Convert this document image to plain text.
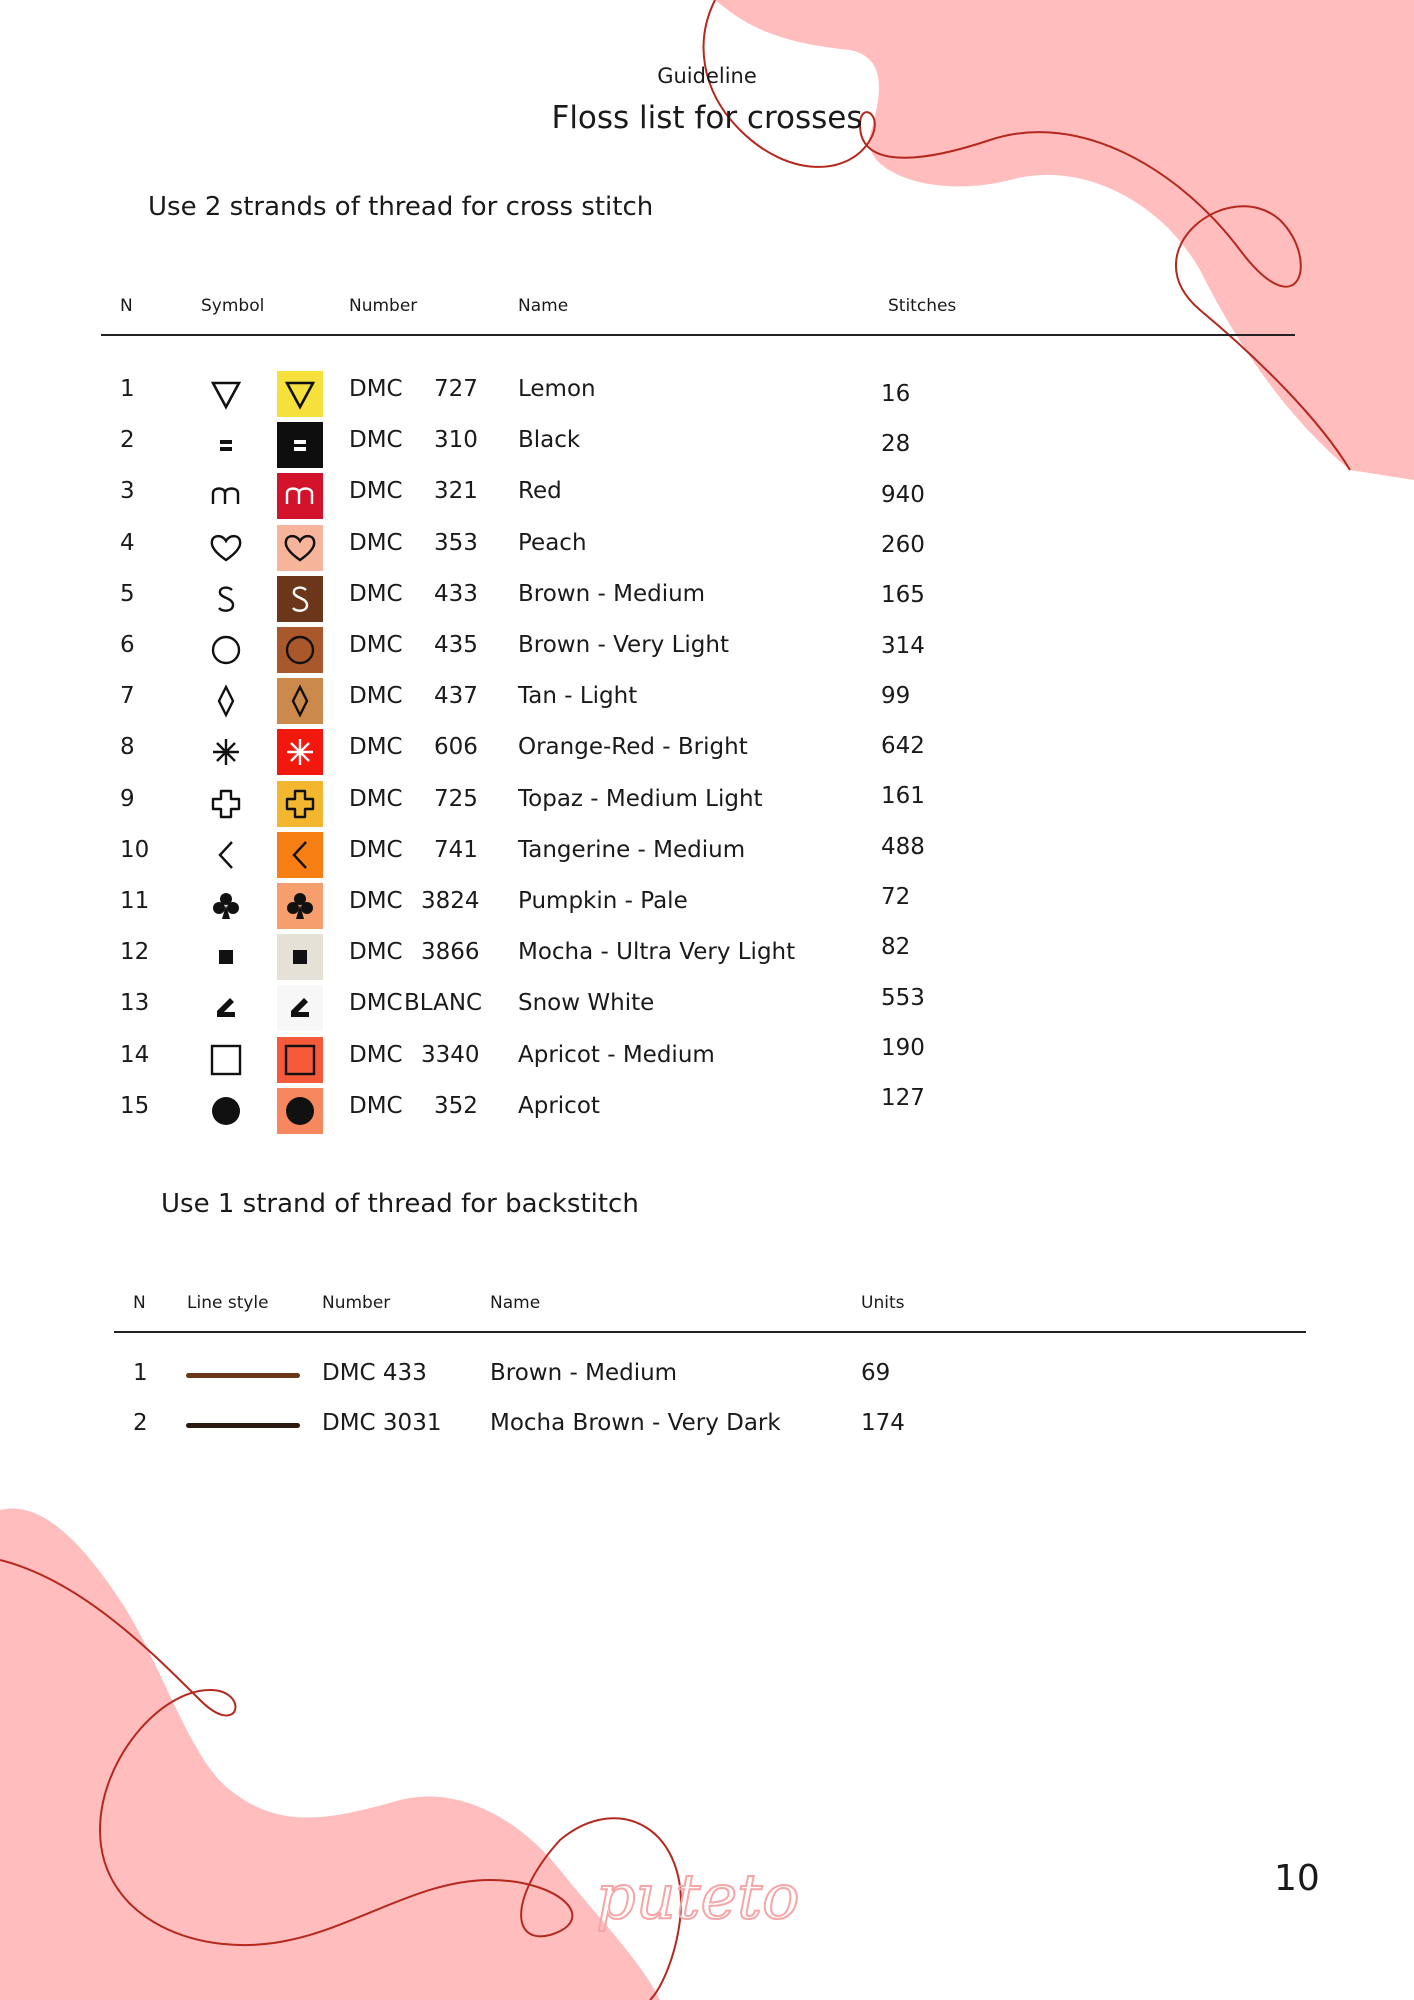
Guideline
Floss list for crosses
Use 2 strands of thread for cross stitch
N	Symbol	Number	Name	Stitches
1	DMC 727 Lemon	16
2	DMC 310 Black	28
3	DMC 321 Red	940
4	DMC 353 Peach	260
5	DMC 433 Brown - Medium	165
6	DMC 435 Brown - Very Light	314
7	DMC 437 Tan - Light	99
8	DMC 606 Orange-Red - Bright	642
9	DMC 725 Topaz - Medium Light	161
10	DMC 741 Tangerine - Medium	488
11	DMC 3824 Pumpkin - Pale	72
12	DMC 3866 Mocha - Ultra Very Light	82
13	DMC BLANC Snow White	553
14	DMC 3340 Apricot - Medium	190
15	DMC 352 Apricot	127
Use 1 strand of thread for backstitch
N Line style	Number	Name	Units
1	DMC 433	Brown - Medium	69
2	DMC 3031 Mocha Brown - Very Dark	174
puteto	10
